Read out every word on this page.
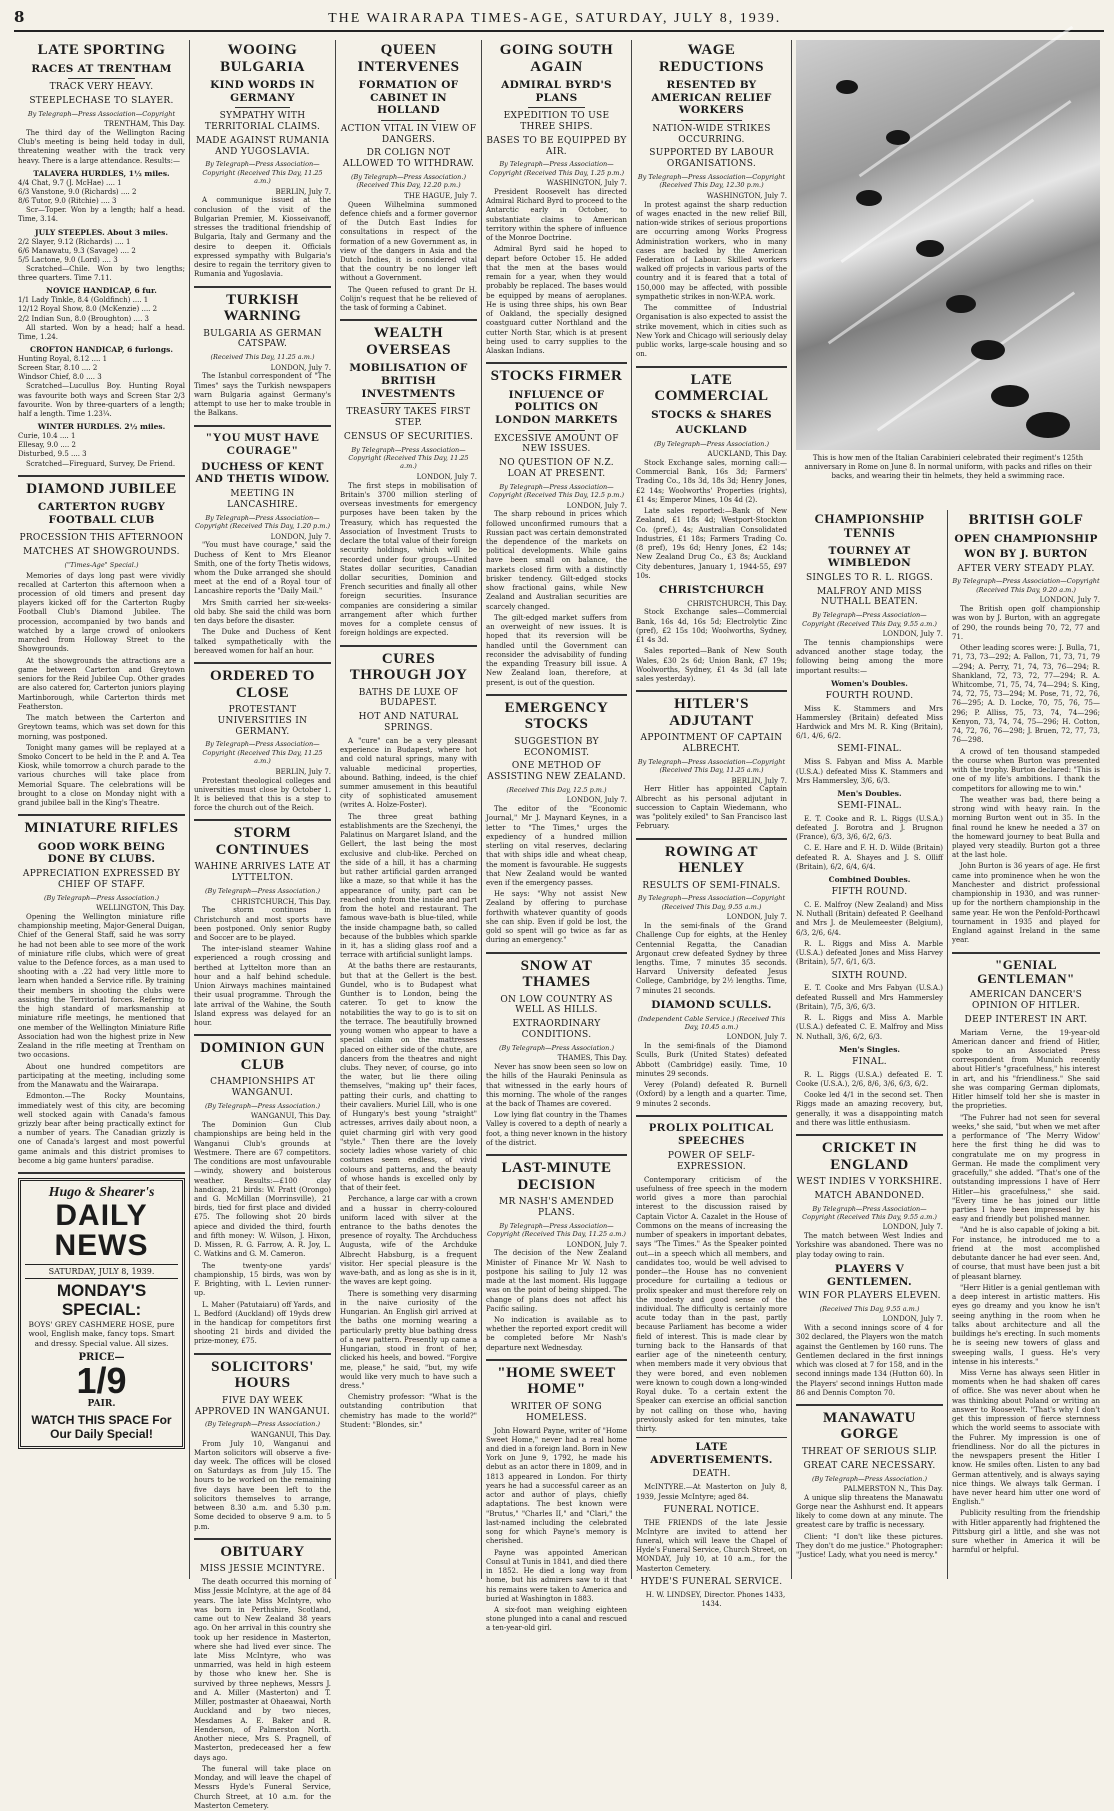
8	THE WAIRARAPA TIMES-AGE, SATURDAY, JULY 8, 1939.
LATE SPORTING
RACES AT TRENTHAM
TRACK VERY HEAVY.
STEEPLECHASE TO SLAYER.
By Telegraph—Press Association—Copyright

TRENTHAM, This Day.

The third day of the Wellington Racing Club's meeting is being held today in dull, threatening weather with the track very heavy. There is a large attendance. Results:—

TALAVERA HURDLES, 1½ miles.
4/4 Chat, 9.7 (J. McHae) .... 1
6/3 Vanstone, 9.0 (Richards) .... 2
8/6 Tutor, 9.0 (Ritchie) .... 3

Scr—Toper. Won by a length; half a head. Time, 3.14.

JULY STEEPLES. About 3 miles.
2/2 Slayer, 9.12 (Richards) .... 1
6/6 Manawatu, 9.3 (Savage) .... 2
5/5 Lactone, 9.0 (Lord) .... 3

Scratched—Chile. Won by two lengths; three quarters. Time 7.11.

NOVICE HANDICAP, 6 fur.
1/1 Lady Tinkle, 8.4 (Goldfinch) .... 1
12/12 Royal Show, 8.0 (McKenzie) .... 2
2/2 Indian Sun, 8.0 (Broughton) .... 3

All started. Won by a head; half a head. Time, 1.24.

CROFTON HANDICAP, 6 furlongs.
Hunting Royal, 8.12 .... 1
Screen Star, 8.10 .... 2
Windsor Chief, 8.0 .... 3

Scratched—Lucullus Boy. Hunting Royal was favourite both ways and Screen Star 2/3 favourite. Won by three-quarters of a length; half a length. Time 1.23¼.

WINTER HURDLES. 2½ miles.
Curie, 10.4 .... 1
Ellesay, 9.0 .... 2
Disturbed, 9.5 .... 3

Scratched—Fireguard, Survey, De Friend.

DIAMOND JUBILEE
CARTERTON RUGBY FOOTBALL CLUB
PROCESSION THIS AFTERNOON
MATCHES AT SHOWGROUNDS.
("Times-Age" Special.)

Memories of days long past were vividly recalled at Carterton this afternoon when a procession of old timers and present day players kicked off for the Carterton Rugby Football Club's Diamond Jubilee. The procession, accompanied by two bands and watched by a large crowd of onlookers marched from Holloway Street to the Showgrounds.

At the showgrounds the attractions are a game between Carterton and Greytown seniors for the Reid Jubilee Cup. Other grades are also catered for, Carterton juniors playing Martinborough, while Carterton thirds met Featherston.

The match between the Carterton and Greytown teams, which was set down for this morning, was postponed.

Tonight many games will be replayed at a Smoko Concert to be held in the P. and A. Tea Kiosk, while tomorrow a church parade to the various churches will take place from Memorial Square. The celebrations will be brought to a close on Monday night with a grand jubilee ball in the King's Theatre.

MINIATURE RIFLES
GOOD WORK BEING DONE BY CLUBS.
APPRECIATION EXPRESSED BY CHIEF OF STAFF.
(By Telegraph—Press Association.)

WELLINGTON, This Day.

Opening the Wellington miniature rifle championship meeting, Major-General Duigan, Chief of the General Staff, said he was sorry he had not been able to see more of the work of miniature rifle clubs, which were of great value to the Defence forces, as a man used to shooting with a .22 had very little more to learn when handed a Service rifle. By training their members in shooting the clubs were assisting the Territorial forces. Referring to the high standard of marksmanship at miniature rifle meetings, he mentioned that one member of the Wellington Miniature Rifle Association had won the highest prize in New Zealand in the rifle meeting at Trentham on two occasions.

About one hundred competitors are participating at the meeting, including some from the Manawatu and the Wairarapa.

Edmonton.—The Rocky Mountains, immediately west of this city, are becoming well stocked again with Canada's famous grizzly bear after being practically extinct for a number of years. The Canadian grizzly is one of Canada's largest and most powerful game animals and this district promises to become a big game hunters' paradise.

Hugo & Shearer's
DAILY NEWS
SATURDAY, JULY 8, 1939.
MONDAY'S SPECIAL:
BOYS' GREY CASHMERE HOSE, pure wool, English make, fancy tops. Smart and dressy. Special value. All sizes.
PRICE—
1/9
PAIR.
WATCH THIS SPACE For Our Daily Special!
WOOING BULGARIA
KIND WORDS IN GERMANY
SYMPATHY WITH TERRITORIAL CLAIMS.
MADE AGAINST RUMANIA AND YUGOSLAVIA.
By Telegraph—Press Association—Copyright (Received This Day, 11.25 a.m.)

BERLIN, July 7.

A communique issued at the conclusion of the visit of the Bulgarian Premier, M. Kiosseivanoff, stresses the traditional friendship of Bulgaria, Italy and Germany and the desire to deepen it. Officials expressed sympathy with Bulgaria's desire to regain the territory given to Rumania and Yugoslavia.

TURKISH WARNING
BULGARIA AS GERMAN CATSPAW.
(Received This Day, 11.25 a.m.)

LONDON, July 7.

The Istanbul correspondent of "The Times" says the Turkish newspapers warn Bulgaria against Germany's attempt to use her to make trouble in the Balkans.

"YOU MUST HAVE COURAGE"
DUCHESS OF KENT AND THETIS WIDOW.
MEETING IN LANCASHIRE.
By Telegraph—Press Association—Copyright (Received This Day, 1.20 p.m.)

LONDON, July 7.

"You must have courage," said the Duchess of Kent to Mrs Eleanor Smith, one of the forty Thetis widows, whom the Duke arranged she should meet at the end of a Royal tour of Lancashire reports the "Daily Mail."

Mrs Smith carried her six-weeks-old baby. She said the child was born ten days before the disaster.

The Duke and Duchess of Kent talked sympathetically with the bereaved women for half an hour.

ORDERED TO CLOSE
PROTESTANT UNIVERSITIES IN GERMANY.
By Telegraph—Press Association—Copyright (Received This Day, 11.25 a.m.)

BERLIN, July 7.

Protestant theological colleges and universities must close by October 1. It is believed that this is a step to force the church out of the Reich.

STORM CONTINUES
WAHINE ARRIVES LATE AT LYTTELTON.
(By Telegraph—Press Association.)

CHRISTCHURCH, This Day.

The storm continues in Christchurch and most sports have been postponed. Only senior Rugby and Soccer are to be played.

The inter-island steamer Wahine experienced a rough crossing and berthed at Lyttelton more than an hour and a half behind schedule. Union Airways machines maintained their usual programme. Through the late arrival of the Wahine, the South Island express was delayed for an hour.

DOMINION GUN CLUB
CHAMPIONSHIPS AT WANGANUI.
(By Telegraph—Press Association.)

WANGANUI, This Day.

The Dominion Gun Club championships are being held in the Wanganui Club's grounds at Westmere. There are 67 competitors. The conditions are most unfavourable—windy, showery and boisterous weather. Results:—£100 clay handicap, 21 birds: W. Pratt (Orongo) and G. McMillan (Morrinsville), 21 birds, tied for first place and divided £75. The following shot 20 birds apiece and divided the third, fourth and fifth money: W. Wilson, J. Hixon, D. Missen, R. G. Farrow, A. R. Joy, L. C. Watkins and G. M. Cameron.

The twenty-one yards' championship, 15 birds, was won by F. Brighting, with L. Levien runner-up.

L. Maher (Patutaiaru) off Yards, and L. Bedford (Auckland) off 19yds drew in the handicap for competitors first shooting 21 birds and divided the prize-money, £75.

SOLICITORS' HOURS
FIVE DAY WEEK APPROVED IN WANGANUI.
(By Telegraph—Press Association.)

WANGANUI, This Day.

From July 10, Wanganui and Marton solicitors will observe a five-day week. The offices will be closed on Saturdays as from July 15. The hours to be worked on the remaining five days have been left to the solicitors themselves to arrange, between 8.30 a.m. and 5.30 p.m. Some decided to observe 9 a.m. to 5 p.m.

OBITUARY
MISS JESSIE MCINTYRE.

The death occurred this morning of Miss Jessie McIntyre, at the age of 84 years. The late Miss McIntyre, who was born in Perthshire, Scotland, came out to New Zealand 38 years ago. On her arrival in this country she took up her residence in Masterton, where she had lived ever since. The late Miss McIntyre, who was unmarried, was held in high esteem by those who knew her. She is survived by three nephews, Messrs J. and A. Miller (Masterton) and T. Miller, postmaster at Ohaeawai, North Auckland and by two nieces, Mesdames A. E. Baker and R. Henderson, of Palmerston North. Another niece, Mrs S. Pragnell, of Masterton, predeceased her a few days ago.

The funeral will take place on Monday, and will leave the chapel of Messrs Hyde's Funeral Service, Church Street, at 10 a.m. for the Masterton Cemetery.

QUEEN INTERVENES
FORMATION OF CABINET IN HOLLAND
ACTION VITAL IN VIEW OF DANGERS.
DR COLIGN NOT ALLOWED TO WITHDRAW.
(By Telegraph—Press Association.) (Received This Day, 12.20 p.m.)

THE HAGUE, July 7.

Queen Wilhelmina summoned defence chiefs and a former governor of the Dutch East Indies for consultations in respect of the formation of a new Government as, in view of the dangers in Asia and the Dutch Indies, it is considered vital that the country be no longer left without a Government.

The Queen refused to grant Dr H. Colijn's request that he be relieved of the task of forming a Cabinet.

WEALTH OVERSEAS
MOBILISATION OF BRITISH INVESTMENTS
TREASURY TAKES FIRST STEP.
CENSUS OF SECURITIES.
By Telegraph—Press Association—Copyright (Received This Day, 11.25 a.m.)

LONDON, July 7.

The first steps in mobilisation of Britain's 3700 million sterling of overseas investments for emergency purposes have been taken by the Treasury, which has requested the Association of Investment Trusts to declare the total value of their foreign security holdings, which will be recorded under four groups—United States dollar securities, Canadian dollar securities, Dominion and French securities and finally all other foreign securities. Insurance companies are considering a similar arrangement after which further moves for a complete census of foreign holdings are expected.

CURES THROUGH JOY
BATHS DE LUXE OF BUDAPEST.
HOT AND NATURAL SPRINGS.

A "cure" can be a very pleasant experience in Budapest, where hot and cold natural springs, many with valuable medicinal properties, abound. Bathing, indeed, is the chief summer amusement in this beautiful city of sophisticated amusement (writes A. Holze-Foster).

The three great bathing establishments are the Szechenyi, the Palatinus on Margaret Island, and the Gellert, the last being the most exclusive and club-like. Perched on the side of a hill, it has a charming but rather artificial garden arranged like a maze, so that while it has the appearance of unity, part can be reached only from the inside and part from the hotel and restaurant. The famous wave-bath is blue-tiled, while the inside champagne bath, so called because of the bubbles which sparkle in it, has a sliding glass roof and a terrace with artificial sunlight lamps.

At the baths there are restaurants, but that at the Gellert is the best. Gundel, who is to Budapest what Gunther is to London, being the caterer. To get to know the notabilities the way to go is to sit on the terrace. The beautifully browned young women who appear to have a special claim on the mattresses placed on either side of the chute, are dancers from the theatres and night clubs. They never, of course, go into the water, but lie there oiling themselves, "making up" their faces, patting their curls, and chatting to their cavaliers. Muriel Lill, who is one of Hungary's best young "straight" actresses, arrives daily about noon, a quiet charming girl with very good "style." Then there are the lovely society ladies whose variety of chic costumes seem endless, of vivid colours and patterns, and the beauty of whose hands is excelled only by that of their feet.

Perchance, a large car with a crown and a hussar in cherry-coloured uniform laced with silver at the entrance to the baths denotes the presence of royalty. The Archduchess Augusta, wife of the Archduke Albrecht Habsburg, is a frequent visitor. Her special pleasure is the wave-bath, and as long as she is in it, the waves are kept going.

There is something very disarming in the naive curiosity of the Hungarian. An English girl arrived at the baths one morning wearing a particularly pretty blue bathing dress of a new pattern. Presently up came a Hungarian, stood in front of her, clicked his heels, and bowed. "Forgive me, please," he said, "but, my wife would like very much to have such a dress."

Chemistry professor: "What is the outstanding contribution that chemistry has made to the world?" Student: "Blondes, sir."

GOING SOUTH AGAIN
ADMIRAL BYRD'S PLANS
EXPEDITION TO USE THREE SHIPS.
BASES TO BE EQUIPPED BY AIR.
By Telegraph—Press Association—Copyright (Received This Day, 1.25 p.m.)

WASHINGTON, July 7.

President Roosevelt has directed Admiral Richard Byrd to proceed to the Antarctic early in October, to substantiate claims to American territory within the sphere of influence of the Monroe Doctrine.

Admiral Byrd said he hoped to depart before October 15. He added that the men at the bases would remain for a year, when they would probably be replaced. The bases would be equipped by means of aeroplanes. He is using three ships, his own Bear of Oakland, the specially designed coastguard cutter Northland and the cutter North Star, which is at present being used to carry supplies to the Alaskan Indians.

STOCKS FIRMER
INFLUENCE OF POLITICS ON LONDON MARKETS
EXCESSIVE AMOUNT OF NEW ISSUES.
NO QUESTION OF N.Z. LOAN AT PRESENT.
By Telegraph—Press Association—Copyright (Received This Day, 12.5 p.m.)

LONDON, July 7.

The sharp rebound in prices which followed unconfirmed rumours that a Russian pact was certain demonstrated the dependence of the markets on political developments. While gains have been small on balance, the markets closed firm with a distinctly brisker tendency. Gilt-edged stocks show fractional gains, while New Zealand and Australian securities are scarcely changed.

The gilt-edged market suffers from an overweight of new issues. It is hoped that its reversion will be handled until the Government can reconsider the advisability of funding the expanding Treasury bill issue. A New Zealand loan, therefore, at present, is out of the question.

EMERGENCY STOCKS
SUGGESTION BY ECONOMIST.
ONE METHOD OF ASSISTING NEW ZEALAND.
(Received This Day, 12.5 p.m.)

LONDON, July 7.

The editor of the "Economic Journal," Mr J. Maynard Keynes, in a letter to "The Times," urges the expediency of a hundred million sterling on vital reserves, declaring that with ships idle and wheat cheap, the moment is favourable. He suggests that New Zealand would be wanted even if the emergency passes.

He says: "Why not assist New Zealand by offering to purchase forthwith whatever quantity of goods she can ship. Even if gold be lost, the gold so spent will go twice as far as during an emergency."

SNOW AT THAMES
ON LOW COUNTRY AS WELL AS HILLS.
EXTRAORDINARY CONDITIONS.
(By Telegraph—Press Association.)

THAMES, This Day.

Never has snow been seen so low on the hills of the Hauraki Peninsula as that witnessed in the early hours of this morning. The whole of the ranges at the back of Thames are covered.

Low lying flat country in the Thames Valley is covered to a depth of nearly a foot, a thing never known in the history of the district.

LAST-MINUTE DECISION
MR NASH'S AMENDED PLANS.
By Telegraph—Press Association—Copyright (Received This Day, 11.25 a.m.)

LONDON, July 7.

The decision of the New Zealand Minister of Finance Mr W. Nash to postpone his sailing to July 12 was made at the last moment. His luggage was on the point of being shipped. The change of plans does not affect his Pacific sailing.

No indication is available as to whether the reported export credit will be completed before Mr Nash's departure next Wednesday.

"HOME SWEET HOME"
WRITER OF SONG HOMELESS.

John Howard Payne, writer of "Home Sweet Home," never had a real home and died in a foreign land. Born in New York on June 9, 1792, he made his debut as an actor there in 1809, and in 1813 appeared in London. For thirty years he had a successful career as an actor and author of plays, chiefly adaptations. The best known were "Brutus," "Charles II," and "Clari," the last-named including the celebrated song for which Payne's memory is cherished.

Payne was appointed American Consul at Tunis in 1841, and died there in 1852. He died a long way from home, but his admirers saw to it that his remains were taken to America and buried at Washington in 1883.

A six-foot man weighing eighteen stone plunged into a canal and rescued a ten-year-old girl.

WAGE REDUCTIONS
RESENTED BY AMERICAN RELIEF WORKERS
NATION-WIDE STRIKES OCCURRING.
SUPPORTED BY LABOUR ORGANISATIONS.
By Telegraph—Press Association—Copyright (Received This Day, 12.30 p.m.)

WASHINGTON, July 7.

In protest against the sharp reduction of wages enacted in the new relief Bill, nation-wide strikes of serious proportions are occurring among Works Progress Administration workers, who in many cases are backed by the American Federation of Labour. Skilled workers walked off projects in various parts of the country and it is feared that a total of 150,000 may be affected, with possible sympathetic strikes in non-W.P.A. work.

The committee of Industrial Organisation is also expected to assist the strike movement, which in cities such as New York and Chicago will seriously delay public works, large-scale housing and so on.

LATE COMMERCIAL
STOCKS & SHARES
AUCKLAND
(By Telegraph—Press Association.)

AUCKLAND, This Day.

Stock Exchange sales, morning call:—Commercial Bank, 16s 3d; Farmers' Trading Co., 18s 3d, 18s 3d; Henry Jones, £2 14s; Woolworths' Properties (rights), £1 4s; Emperor Mines, 10s 4d (2).

Late sales reported:—Bank of New Zealand, £1 18s 4d; Westport-Stockton Co. (pref.), 4s; Australian Consolidated Industries, £1 18s; Farmers Trading Co. (8 pref), 19s 6d; Henry Jones, £2 14s; New Zealand Drug Co., £3 8s; Auckland City debentures, January 1, 1944-55, £97 10s.

CHRISTCHURCH

CHRISTCHURCH, This Day.

Stock Exchange sales—Commercial Bank, 16s 4d, 16s 5d; Electrolytic Zinc (pref), £2 15s 10d; Woolworths, Sydney, £1 4s 3d.

Sales reported—Bank of New South Wales, £30 2s 6d; Union Bank, £7 19s; Woolworths, Sydney, £1 4s 3d (all late sales yesterday).

HITLER'S ADJUTANT
APPOINTMENT OF CAPTAIN ALBRECHT.
By Telegraph—Press Association—Copyright (Received This Day, 11.25 a.m.)

BERLIN, July 7.

Herr Hitler has appointed Captain Albrecht as his personal adjutant in succession to Captain Wiedemann, who was "politely exiled" to San Francisco last February.

ROWING AT HENLEY
RESULTS OF SEMI-FINALS.
By Telegraph—Press Association—Copyright (Received This Day, 9.55 a.m.)

LONDON, July 7.

In the semi-finals of the Grand Challenge Cup for eights, at the Henley Centennial Regatta, the Canadian Argonaut crew defeated Sydney by three lengths. Time, 7 minutes 35 seconds. Harvard University defeated Jesus College, Cambridge, by 2½ lengths. Time, 7 minutes 21 seconds.

DIAMOND SCULLS.
(Independent Cable Service.) (Received This Day, 10.45 a.m.)

LONDON, July 7.

In the semi-finals of the Diamond Sculls, Burk (United States) defeated Abbott (Cambridge) easily. Time, 10 minutes 29 seconds.

Verey (Poland) defeated R. Burnell (Oxford) by a length and a quarter. Time, 9 minutes 2 seconds.

PROLIX POLITICAL SPEECHES
POWER OF SELF-EXPRESSION.

Contemporary criticism of the usefulness of free speech in the modern world gives a more than parochial interest to the discussion raised by Captain Victor A. Cazalet in the House of Commons on the means of increasing the number of speakers in important debates, says "The Times." As the Speaker pointed out—in a speech which all members, and candidates too, would be well advised to ponder—the House has no convenient procedure for curtailing a tedious or prolix speaker and must therefore rely on the modesty and good sense of the individual. The difficulty is certainly more acute today than in the past, partly because Parliament has become a wider field of interest. This is made clear by turning back to the Hansards of that earlier age of the nineteenth century, when members made it very obvious that they were bored, and even noblemen were known to cough down a long-winded Royal duke. To a certain extent the Speaker can exercise an official sanction by not calling on those who, having previously asked for ten minutes, take thirty.

LATE ADVERTISEMENTS.
DEATH.

McINTYRE.—At Masterton on July 8, 1939, Jessie McIntyre; aged 84.

FUNERAL NOTICE.

THE FRIENDS of the late Jessie McIntyre are invited to attend her funeral, which will leave the Chapel of Hyde's Funeral Service, Church Street, on MONDAY, July 10, at 10 a.m., for the Masterton Cemetery.

HYDE'S FUNERAL SERVICE.

H. W. LINDSEY, Director. Phones 1433, 1434.

This is how men of the Italian Carabinieri celebrated their regiment's 125th anniversary in Rome on June 8. In normal uniform, with packs and rifles on their backs, and wearing their tin helmets, they held a swimming race.
CHAMPIONSHIP TENNIS
TOURNEY AT WIMBLEDON
SINGLES TO R. L. RIGGS.
MALFROY AND MISS NUTHALL BEATEN.
By Telegraph—Press Association—Copyright (Received This Day, 9.55 a.m.)

LONDON, July 7.

The tennis championships were advanced another stage today, the following being among the more important results:—

Women's Doubles.
FOURTH ROUND.

Miss K. Stammers and Mrs Hammersley (Britain) defeated Miss Hardwick and Mrs M. R. King (Britain), 6/1, 4/6, 6/2.

SEMI-FINAL.

Miss S. Fabyan and Miss A. Marble (U.S.A.) defeated Miss K. Stammers and Mrs Hammersley, 3/6, 6/3.

Men's Doubles.
SEMI-FINAL.

E. T. Cooke and R. L. Riggs (U.S.A.) defeated J. Borotra and J. Brugnon (France), 6/3, 3/6, 6/2, 6/3.

C. E. Hare and F. H. D. Wilde (Britain) defeated R. A. Shayes and J. S. Olliff (Britain), 6/2, 6/4, 6/4.

Combined Doubles.
FIFTH ROUND.

C. E. Malfroy (New Zealand) and Miss N. Nuthall (Britain) defeated P. Geelhand and Mrs J. de Meulemeester (Belgium), 6/3, 2/6, 6/4.

R. L. Riggs and Miss A. Marble (U.S.A.) defeated Jones and Miss Harvey (Britain), 5/7, 6/1, 6/3.

SIXTH ROUND.

E. T. Cooke and Mrs Fabyan (U.S.A.) defeated Russell and Mrs Hammersley (Britain), 7/5, 3/6, 6/3.

R. L. Riggs and Miss A. Marble (U.S.A.) defeated C. E. Malfroy and Miss N. Nuthall, 3/6, 6/2, 6/3.

Men's Singles.
FINAL.

R. L. Riggs (U.S.A.) defeated E. T. Cooke (U.S.A.), 2/6, 8/6, 3/6, 6/3, 6/2.

Cooke led 4/1 in the second set. Then Riggs made an amazing recovery, but, generally, it was a disappointing match and there was little enthusiasm.

CRICKET IN ENGLAND
WEST INDIES V YORKSHIRE.
MATCH ABANDONED.
By Telegraph—Press Association—Copyright (Received This Day, 9.55 a.m.)

LONDON, July 7.

The match between West Indies and Yorkshire was abandoned. There was no play today owing to rain.

PLAYERS V GENTLEMEN.
WIN FOR PLAYERS ELEVEN.
(Received This Day, 9.55 a.m.)

LONDON, July 7.

With a second innings score of 4 for 302 declared, the Players won the match against the Gentlemen by 160 runs. The Gentlemen declared in the first innings which was closed at 7 for 158, and in the second innings made 134 (Hutton 60). In the Players' second innings Hutton made 86 and Dennis Compton 70.

MANAWATU GORGE
THREAT OF SERIOUS SLIP.
GREAT CARE NECESSARY.
(By Telegraph—Press Association.)

PALMERSTON N., This Day.

A unique slip threatens the Manawatu Gorge near the Ashhurst end. It appears likely to come down at any minute. The greatest care by traffic is necessary.

Client: "I don't like these pictures. They don't do me justice." Photographer: "Justice! Lady, what you need is mercy."

BRITISH GOLF
OPEN CHAMPIONSHIP
WON BY J. BURTON
AFTER VERY STEADY PLAY.
By Telegraph—Press Association—Copyright (Received This Day, 9.20 a.m.)

LONDON, July 7.

The British open golf championship was won by J. Burton, with an aggregate of 290, the rounds being 70, 72, 77 and 71.

Other leading scores were: J. Bulla, 71, 71, 73, 73—292; A. Fallon, 71, 73, 71, 79—294; A. Perry, 71, 74, 73, 76—294; R. Shankland, 72, 73, 72, 77—294; R. A. Whitcombe, 71, 75, 74, 74—294; S. King, 74, 72, 75, 73—294; M. Pose, 71, 72, 76, 76—295; A. D. Locke, 70, 75, 76, 75—296; P. Alliss, 75, 73, 74, 74—296; Kenyon, 73, 74, 74, 75—296; H. Cotton, 74, 72, 76, 76—298; J. Bruen, 72, 77, 73, 76—298.

A crowd of ten thousand stampeded the course when Burton was presented with the trophy. Burton declared: "This is one of my life's ambitions. I thank the competitors for allowing me to win."

The weather was bad, there being a strong wind with heavy rain. In the morning Burton went out in 35. In the final round he knew he needed a 37 on the homeward journey to beat Bulla and played very steadily. Burton got a three at the last hole.

John Burton is 36 years of age. He first came into prominence when he won the Manchester and district professional championship in 1930, and was runner-up for the northern championship in the same year. He won the Penfold-Porthcawl tournament in 1935 and played for England against Ireland in the same year.

"GENIAL GENTLEMAN"
AMERICAN DANCER'S OPINION OF HITLER.
DEEP INTEREST IN ART.

Mariam Verne, the 19-year-old American dancer and friend of Hitler, spoke to an Associated Press correspondent from Munich recently about Hitler's "gracefulness," his interest in art, and his "friendliness." She said she was comparing German diplomats, Hitler himself told her she is master in the proprieties.

"The Fuhrer had not seen for several weeks," she said, "but when we met after a performance of 'The Merry Widow' here the first thing he did was to congratulate me on my progress in German. He made the compliment very gracefully," she added. "That's one of the outstanding impressions I have of Herr Hitler—his gracefulness," she said. "Every time he has joined our little parties I have been impressed by his easy and friendly but polished manner.

"And he is also capable of joking a bit. For instance, he introduced me to a friend at the most accomplished debutante dancer he had ever seen. And, of course, that must have been just a bit of pleasant blarney.

"Herr Hitler is a genial gentleman with a deep interest in artistic matters. His eyes go dreamy and you know he isn't seeing anything in the room when he talks about architecture and all the buildings he's erecting. In such moments he is seeing new towers of glass and sweeping walls, I guess. He's very intense in his interests."

Miss Verne has always seen Hitler in moments when he had shaken off cares of office. She was never about when he was thinking about Poland or writing an answer to Roosevelt. "That's why I don't get this impression of fierce sternness which the world seems to associate with the Fuhrer. My impression is one of friendliness. Nor do all the pictures in the newspapers present the Hitler I know. He smiles often. Listen to any bad German attentively, and is always saying nice things. We always talk German. I have never heard him utter one word of English."

Publicity resulting from the friendship with Hitler apparently had frightened the Pittsburg girl a little, and she was not sure whether in America it will be harmful or helpful.
